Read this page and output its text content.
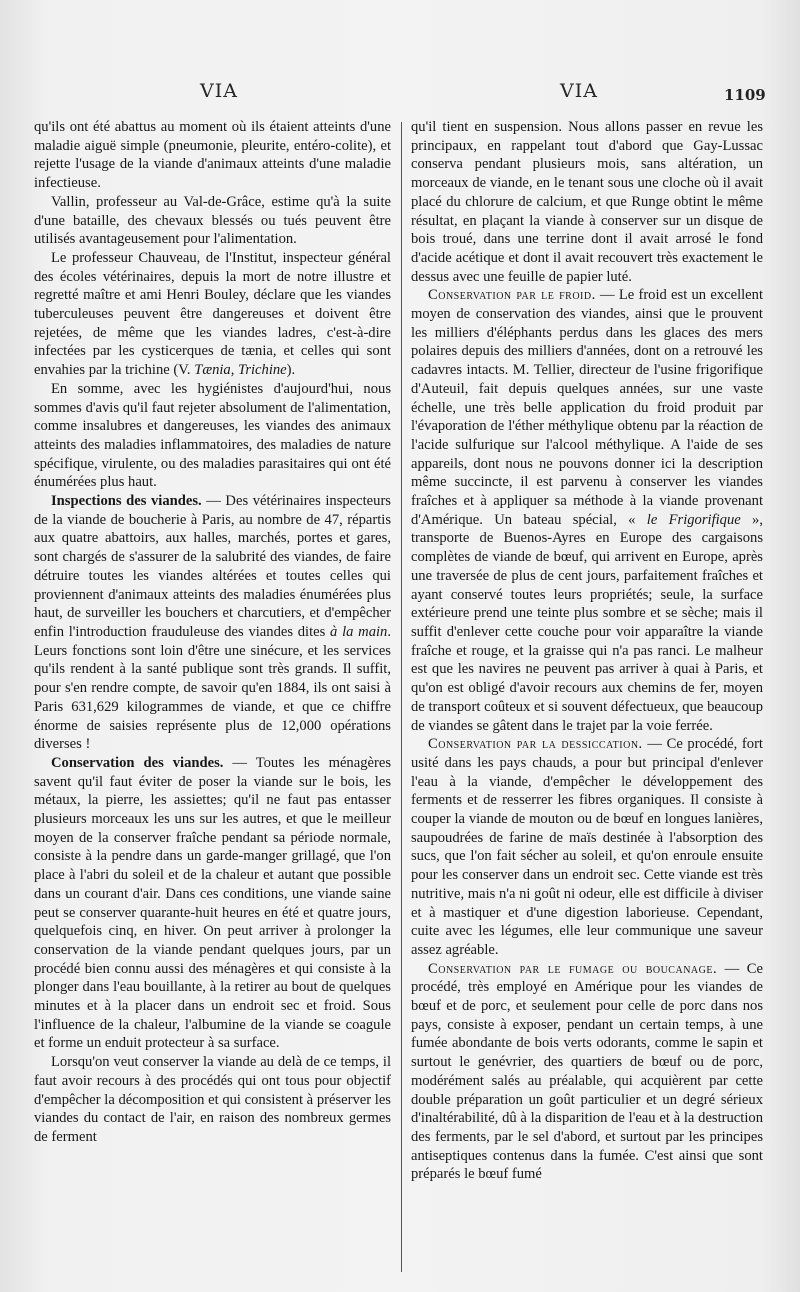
VIA	VIA	1109

qu'ils ont été abattus au moment où ils étaient atteints d'une maladie aiguë simple (pneumonie, pleurite, entéro-colite), et rejette l'usage de la viande d'animaux atteints d'une maladie infectieuse.

Vallin, professeur au Val-de-Grâce, estime qu'à la suite d'une bataille, des chevaux blessés ou tués peuvent être utilisés avantageusement pour l'alimentation.

Le professeur Chauveau, de l'Institut, inspecteur général des écoles vétérinaires, depuis la mort de notre illustre et regretté maître et ami Henri Bouley, déclare que les viandes tuberculeuses peuvent être dangereuses et doivent être rejetées, de même que les viandes ladres, c'est-à-dire infectées par les cysticerques de tænia, et celles qui sont envahies par la trichine (V. Tænia, Trichine).

En somme, avec les hygiénistes d'aujourd'hui, nous sommes d'avis qu'il faut rejeter absolument de l'alimentation, comme insalubres et dangereuses, les viandes des animaux atteints des maladies inflammatoires, des maladies de nature spécifique, virulente, ou des maladies parasitaires qui ont été énumérées plus haut.

Inspections des viandes. — Des vétérinaires inspecteurs de la viande de boucherie à Paris, au nombre de 47, répartis aux quatre abattoirs, aux halles, marchés, portes et gares, sont chargés de s'assurer de la salubrité des viandes, de faire détruire toutes les viandes altérées et toutes celles qui proviennent d'animaux atteints des maladies énumérées plus haut, de surveiller les bouchers et charcutiers, et d'empêcher enfin l'introduction frauduleuse des viandes dites à la main. Leurs fonctions sont loin d'être une sinécure, et les services qu'ils rendent à la santé publique sont très grands. Il suffit, pour s'en rendre compte, de savoir qu'en 1884, ils ont saisi à Paris 631,629 kilogrammes de viande, et que ce chiffre énorme de saisies représente plus de 12,000 opérations diverses !

Conservation des viandes. — Toutes les ménagères savent qu'il faut éviter de poser la viande sur le bois, les métaux, la pierre, les assiettes; qu'il ne faut pas entasser plusieurs morceaux les uns sur les autres, et que le meilleur moyen de la conserver fraîche pendant sa période normale, consiste à la pendre dans un garde-manger grillagé, que l'on place à l'abri du soleil et de la chaleur et autant que possible dans un courant d'air. Dans ces conditions, une viande saine peut se conserver quarante-huit heures en été et quatre jours, quelquefois cinq, en hiver. On peut arriver à prolonger la conservation de la viande pendant quelques jours, par un procédé bien connu aussi des ménagères et qui consiste à la plonger dans l'eau bouillante, à la retirer au bout de quelques minutes et à la placer dans un endroit sec et froid. Sous l'influence de la chaleur, l'albumine de la viande se coagule et forme un enduit protecteur à sa surface.

Lorsqu'on veut conserver la viande au delà de ce temps, il faut avoir recours à des procédés qui ont tous pour objectif d'empêcher la décomposition et qui consistent à préserver les viandes du contact de l'air, en raison des nombreux germes de ferment

qu'il tient en suspension. Nous allons passer en revue les principaux, en rappelant tout d'abord que Gay-Lussac conserva pendant plusieurs mois, sans altération, un morceaux de viande, en le tenant sous une cloche où il avait placé du chlorure de calcium, et que Runge obtint le même résultat, en plaçant la viande à conserver sur un disque de bois troué, dans une terrine dont il avait arrosé le fond d'acide acétique et dont il avait recouvert très exactement le dessus avec une feuille de papier luté.

Conservation par le froid. — Le froid est un excellent moyen de conservation des viandes, ainsi que le prouvent les milliers d'éléphants perdus dans les glaces des mers polaires depuis des milliers d'années, dont on a retrouvé les cadavres intacts. M. Tellier, directeur de l'usine frigorifique d'Auteuil, fait depuis quelques années, sur une vaste échelle, une très belle application du froid produit par l'évaporation de l'éther méthylique obtenu par la réaction de l'acide sulfurique sur l'alcool méthylique. A l'aide de ses appareils, dont nous ne pouvons donner ici la description même succincte, il est parvenu à conserver les viandes fraîches et à appliquer sa méthode à la viande provenant d'Amérique. Un bateau spécial, « le Frigorifique », transporte de Buenos-Ayres en Europe des cargaisons complètes de viande de bœuf, qui arrivent en Europe, après une traversée de plus de cent jours, parfaitement fraîches et ayant conservé toutes leurs propriétés; seule, la surface extérieure prend une teinte plus sombre et se sèche; mais il suffit d'enlever cette couche pour voir apparaître la viande fraîche et rouge, et la graisse qui n'a pas ranci. Le malheur est que les navires ne peuvent pas arriver à quai à Paris, et qu'on est obligé d'avoir recours aux chemins de fer, moyen de transport coûteux et si souvent défectueux, que beaucoup de viandes se gâtent dans le trajet par la voie ferrée.

Conservation par la dessiccation. — Ce procédé, fort usité dans les pays chauds, a pour but principal d'enlever l'eau à la viande, d'empêcher le développement des ferments et de resserrer les fibres organiques. Il consiste à couper la viande de mouton ou de bœuf en longues lanières, saupoudrées de farine de maïs destinée à l'absorption des sucs, que l'on fait sécher au soleil, et qu'on enroule ensuite pour les conserver dans un endroit sec. Cette viande est très nutritive, mais n'a ni goût ni odeur, elle est difficile à diviser et à mastiquer et d'une digestion laborieuse. Cependant, cuite avec les légumes, elle leur communique une saveur assez agréable.

Conservation par le fumage ou boucanage. — Ce procédé, très employé en Amérique pour les viandes de bœuf et de porc, et seulement pour celle de porc dans nos pays, consiste à exposer, pendant un certain temps, à une fumée abondante de bois verts odorants, comme le sapin et surtout le genévrier, des quartiers de bœuf ou de porc, modérément salés au préalable, qui acquièrent par cette double préparation un goût particulier et un degré sérieux d'inaltérabilité, dû à la disparition de l'eau et à la destruction des ferments, par le sel d'abord, et surtout par les principes antiseptiques contenus dans la fumée. C'est ainsi que sont préparés le bœuf fumé
